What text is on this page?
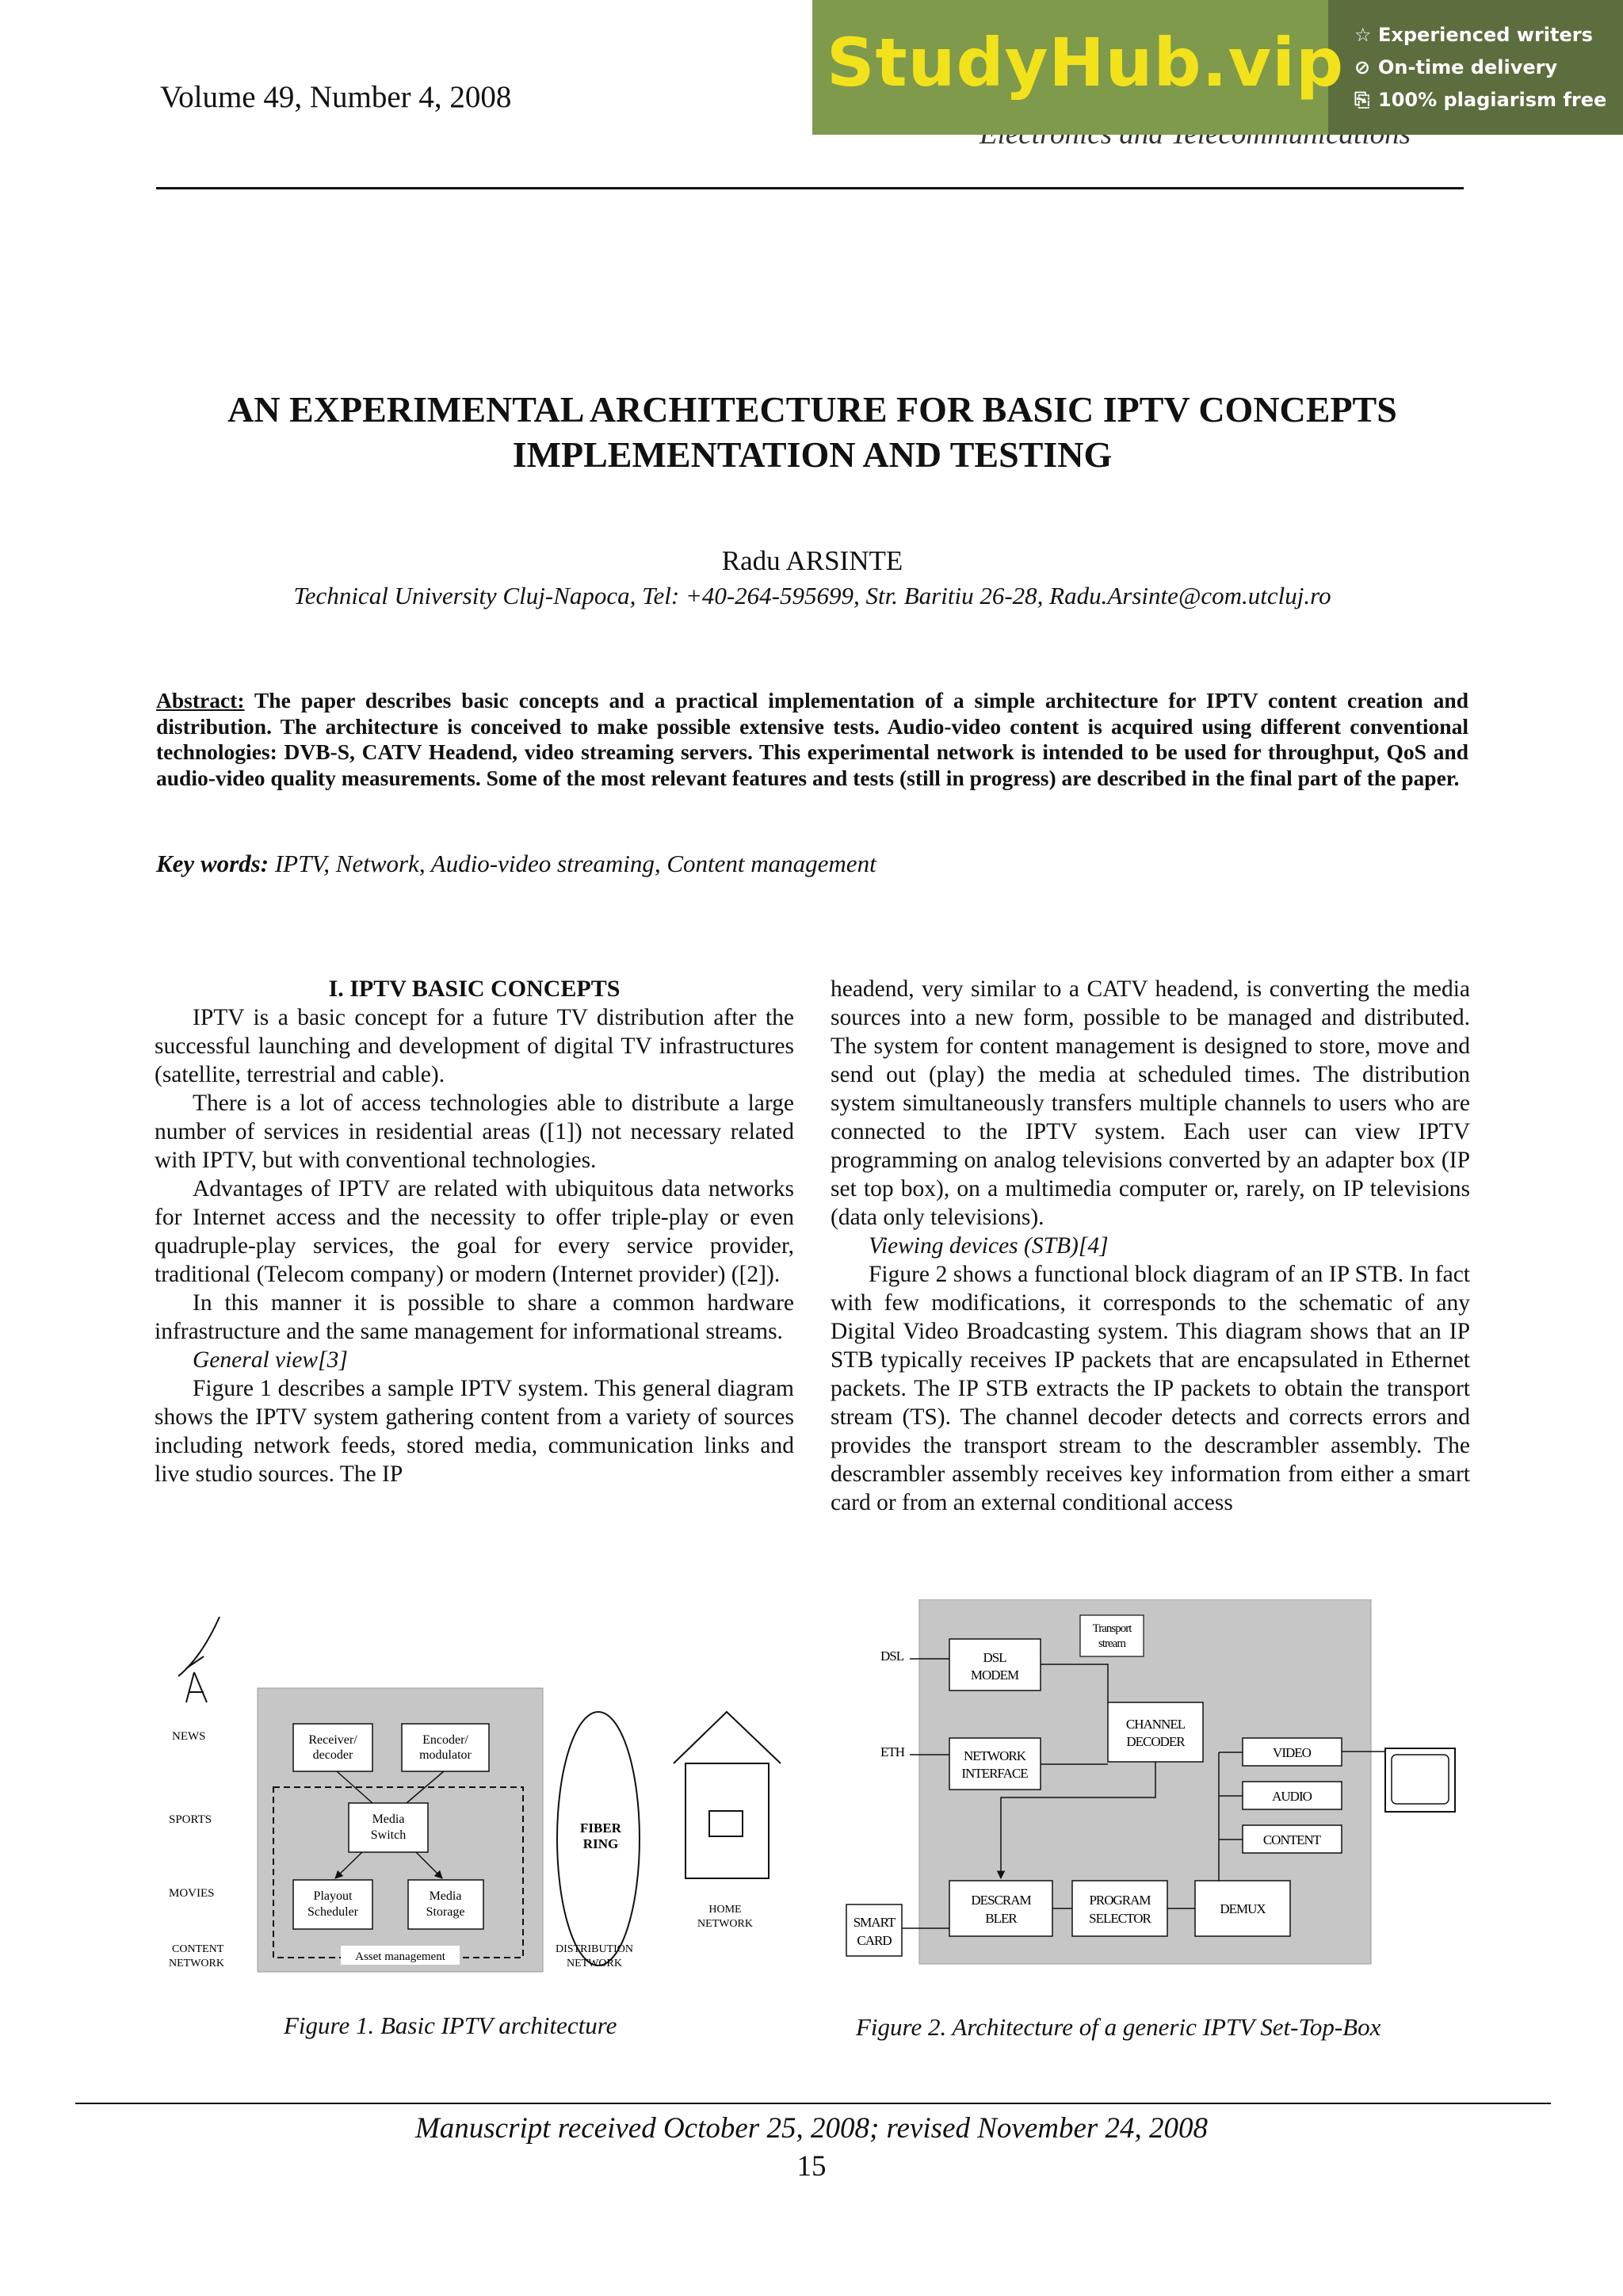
Volume 49, Number 4, 2008	StudyHub.vip ☆ Experienced writers
⊘ On-time delivery
⎘ 100% plagiarism free
AN EXPERIMENTAL ARCHITECTURE FOR BASIC IPTV CONCEPTS
IMPLEMENTATION AND TESTING
Radu ARSINTE
Technical University Cluj-Napoca, Tel: +40-264-595699, Str. Baritiu 26-28, Radu.Arsinte@com.utcluj.ro
Abstract: The paper describes basic concepts and a practical implementation of a simple architecture for IPTV content creation and distribution. The architecture is conceived to make possible extensive tests. Audio-video content is acquired using different conventional technologies: DVB-S, CATV Headend, video streaming servers. This experimental network is intended to be used for throughput, QoS and audio-video quality measurements. Some of the most relevant features and tests (still in progress) are described in the final part of the paper.
Key words: IPTV, Network, Audio-video streaming, Content management
I. IPTV BASIC CONCEPTS

IPTV is a basic concept for a future TV distribution after the successful launching and development of digital TV infrastructures (satellite, terrestrial and cable).

There is a lot of access technologies able to distribute a large number of services in residential areas ([1]) not necessary related with IPTV, but with conventional technologies.

Advantages of IPTV are related with ubiquitous data networks for Internet access and the necessity to offer triple-play or even quadruple-play services, the goal for every service provider, traditional (Telecom company) or modern (Internet provider) ([2]).

In this manner it is possible to share a common hardware infrastructure and the same management for informational streams.

General view[3]

Figure 1 describes a sample IPTV system. This general diagram shows the IPTV system gathering content from a variety of sources including network feeds, stored media, communication links and live studio sources. The IP

headend, very similar to a CATV headend, is converting the media sources into a new form, possible to be managed and distributed. The system for content management is designed to store, move and send out (play) the media at scheduled times. The distribution system simultaneously transfers multiple channels to users who are connected to the IPTV system. Each user can view IPTV programming on analog televisions converted by an adapter box (IP set top box), on a multimedia computer or, rarely, on IP televisions (data only televisions).

Viewing devices (STB)[4]

Figure 2 shows a functional block diagram of an IP STB. In fact with few modifications, it corresponds to the schematic of any Digital Video Broadcasting system. This diagram shows that an IP STB typically receives IP packets that are encapsulated in Ethernet packets. The IP STB extracts the IP packets to obtain the transport stream (TS). The channel decoder detects and corrects errors and provides the transport stream to the descrambler assembly. The descrambler assembly receives key information from either a smart card or from an external conditional access

NEWS
SPORTS
MOVIES
CONTENT
NETWORK
Receiver/
decoder
Encoder/
modulator
Media
Switch
Playout
Scheduler
Media
Storage
Asset management
FIBER
RING
DISTRIBUTION
NETWORK
HOME
NETWORK
DSL
ETH
Transport
stream
DSL
MODEM
NETWORK
INTERFACE
CHANNEL
DECODER
VIDEO
AUDIO
CONTENT
SMART
CARD
DESCRAM
BLER
PROGRAM
SELECTOR
DEMUX
Figure 1. Basic IPTV architecture	Figure 2. Architecture of a generic IPTV Set-Top-Box
Manuscript received October 25, 2008; revised November 24, 2008
15
